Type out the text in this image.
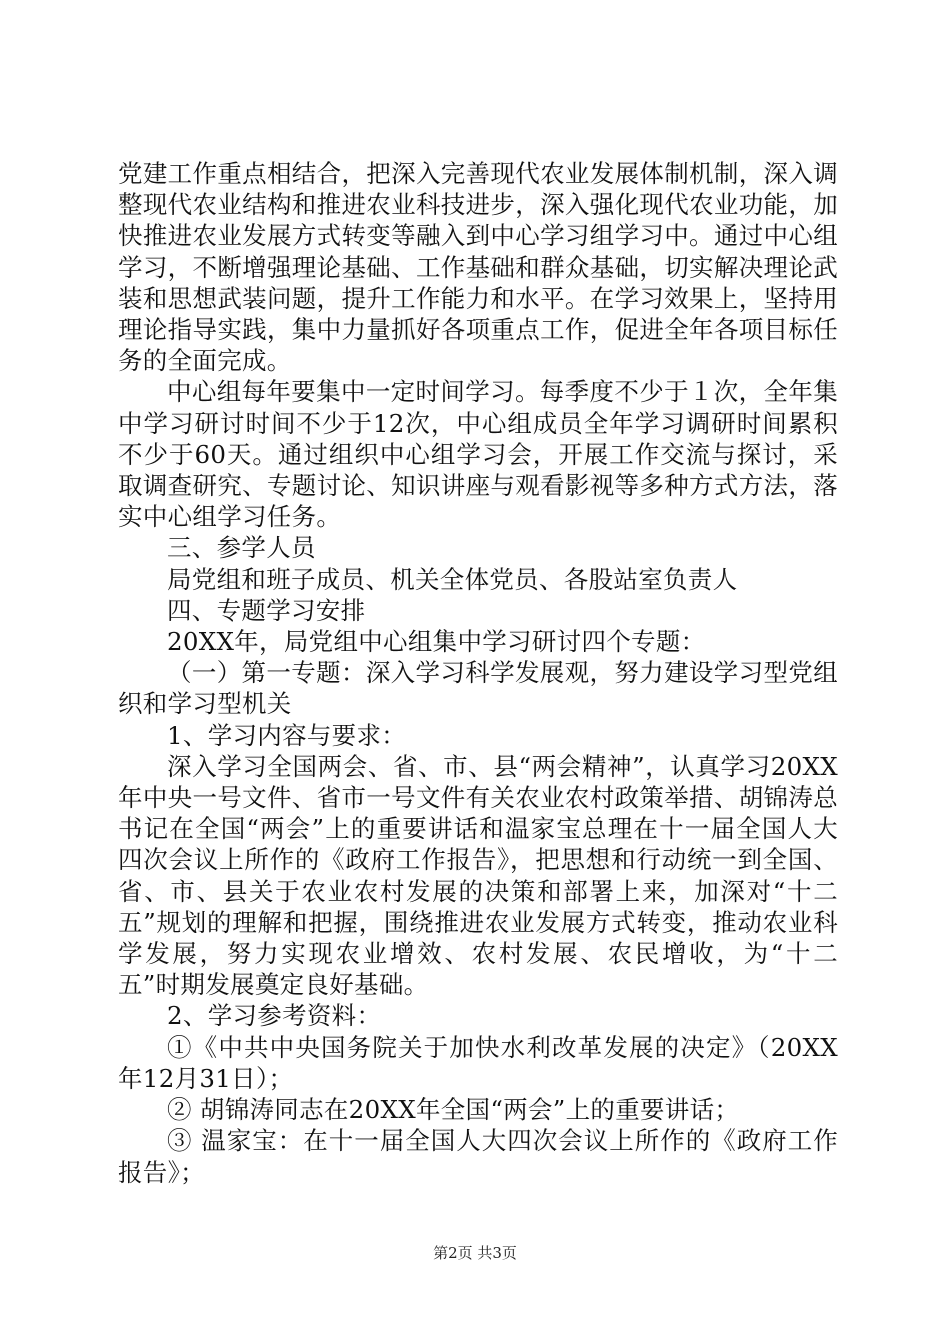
党建工作重点相结合，把深入完善现代农业发展体制机制，深入调整现代农业结构和推进农业科技进步，深入强化现代农业功能，加快推进农业发展方式转变等融入到中心学习组学习中。通过中心组学习，不断增强理论基础、工作基础和群众基础，切实解决理论武装和思想武装问题，提升工作能力和水平。在学习效果上，坚持用理论指导实践，集中力量抓好各项重点工作，促进全年各项目标任务的全面完成。

中心组每年要集中一定时间学习。每季度不少于１次，全年集中学习研讨时间不少于12次，中心组成员全年学习调研时间累积不少于60天。通过组织中心组学习会，开展工作交流与探讨，采取调查研究、专题讨论、知识讲座与观看影视等多种方式方法，落实中心组学习任务。

三、参学人员

局党组和班子成员、机关全体党员、各股站室负责人

四、专题学习安排

20XX年，局党组中心组集中学习研讨四个专题：

（一）第一专题：深入学习科学发展观，努力建设学习型党组织和学习型机关

1、学习内容与要求：

深入学习全国两会、省、市、县“两会精神”，认真学习20XX年中央一号文件、省市一号文件有关农业农村政策举措、胡锦涛总书记在全国“两会”上的重要讲话和温家宝总理在十一届全国人大四次会议上所作的《政府工作报告》，把思想和行动统一到全国、省、市、县关于农业农村发展的决策和部署上来，加深对“十二五”规划的理解和把握，围绕推进农业发展方式转变，推动农业科学发展，努力实现农业增效、农村发展、农民增收，为“十二五”时期发展奠定良好基础。

2、学习参考资料：

①《中共中央国务院关于加快水利改革发展的决定》（20XX年12月31日）；

② 胡锦涛同志在20XX年全国“两会”上的重要讲话；

③ 温家宝：在十一届全国人大四次会议上所作的《政府工作报告》；

第2页 共3页
